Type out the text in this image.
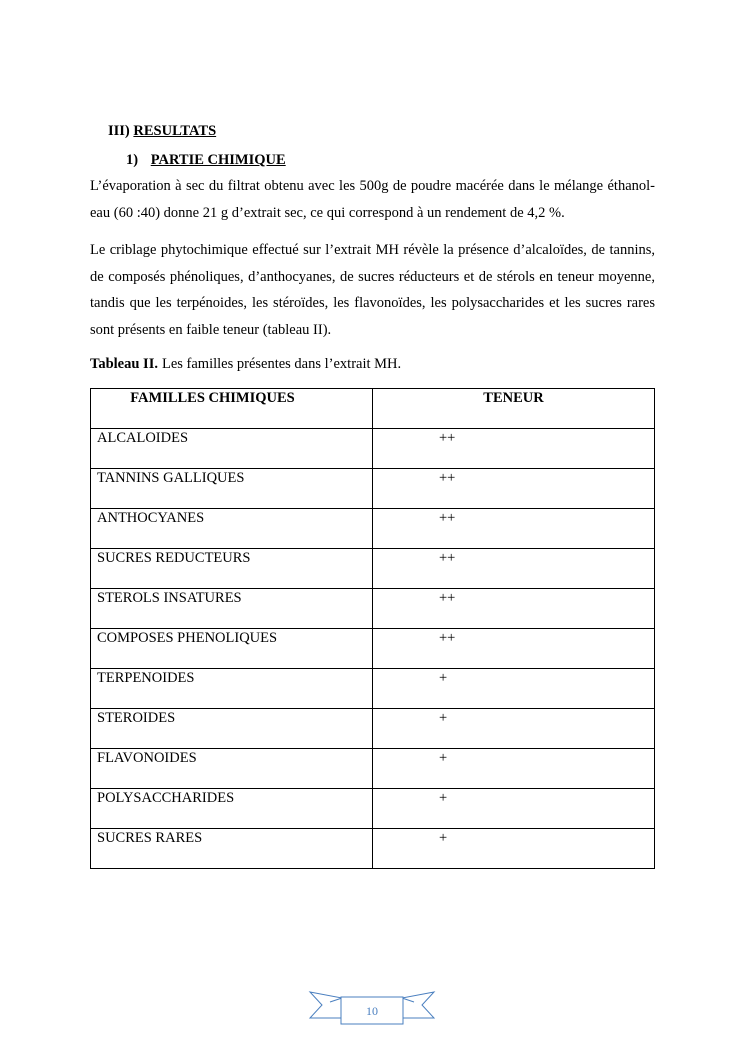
III) RESULTATS
1) PARTIE CHIMIQUE

L’évaporation à sec du filtrat obtenu avec les 500g de poudre macérée dans le mélange éthanol-eau (60 :40) donne 21 g d’extrait sec, ce qui correspond à un rendement de 4,2 %.

Le criblage phytochimique effectué sur l’extrait MH révèle la présence d’alcaloïdes, de tannins, de composés phénoliques, d’anthocyanes, de sucres réducteurs et de stérols en teneur moyenne, tandis que les terpénoides, les stéroïdes, les flavonoïdes, les polysaccharides et les sucres rares sont présents en faible teneur (tableau II).

Tableau II. Les familles présentes dans l’extrait MH.
FAMILLES CHIMIQUES	TENEUR
ALCALOIDES	++
TANNINS GALLIQUES	++
ANTHOCYANES	++
SUCRES REDUCTEURS	++
STEROLS INSATURES	++
COMPOSES PHENOLIQUES	++
TERPENOIDES	+
STEROIDES	+
FLAVONOIDES	+
POLYSACCHARIDES	+
SUCRES RARES	+
10
